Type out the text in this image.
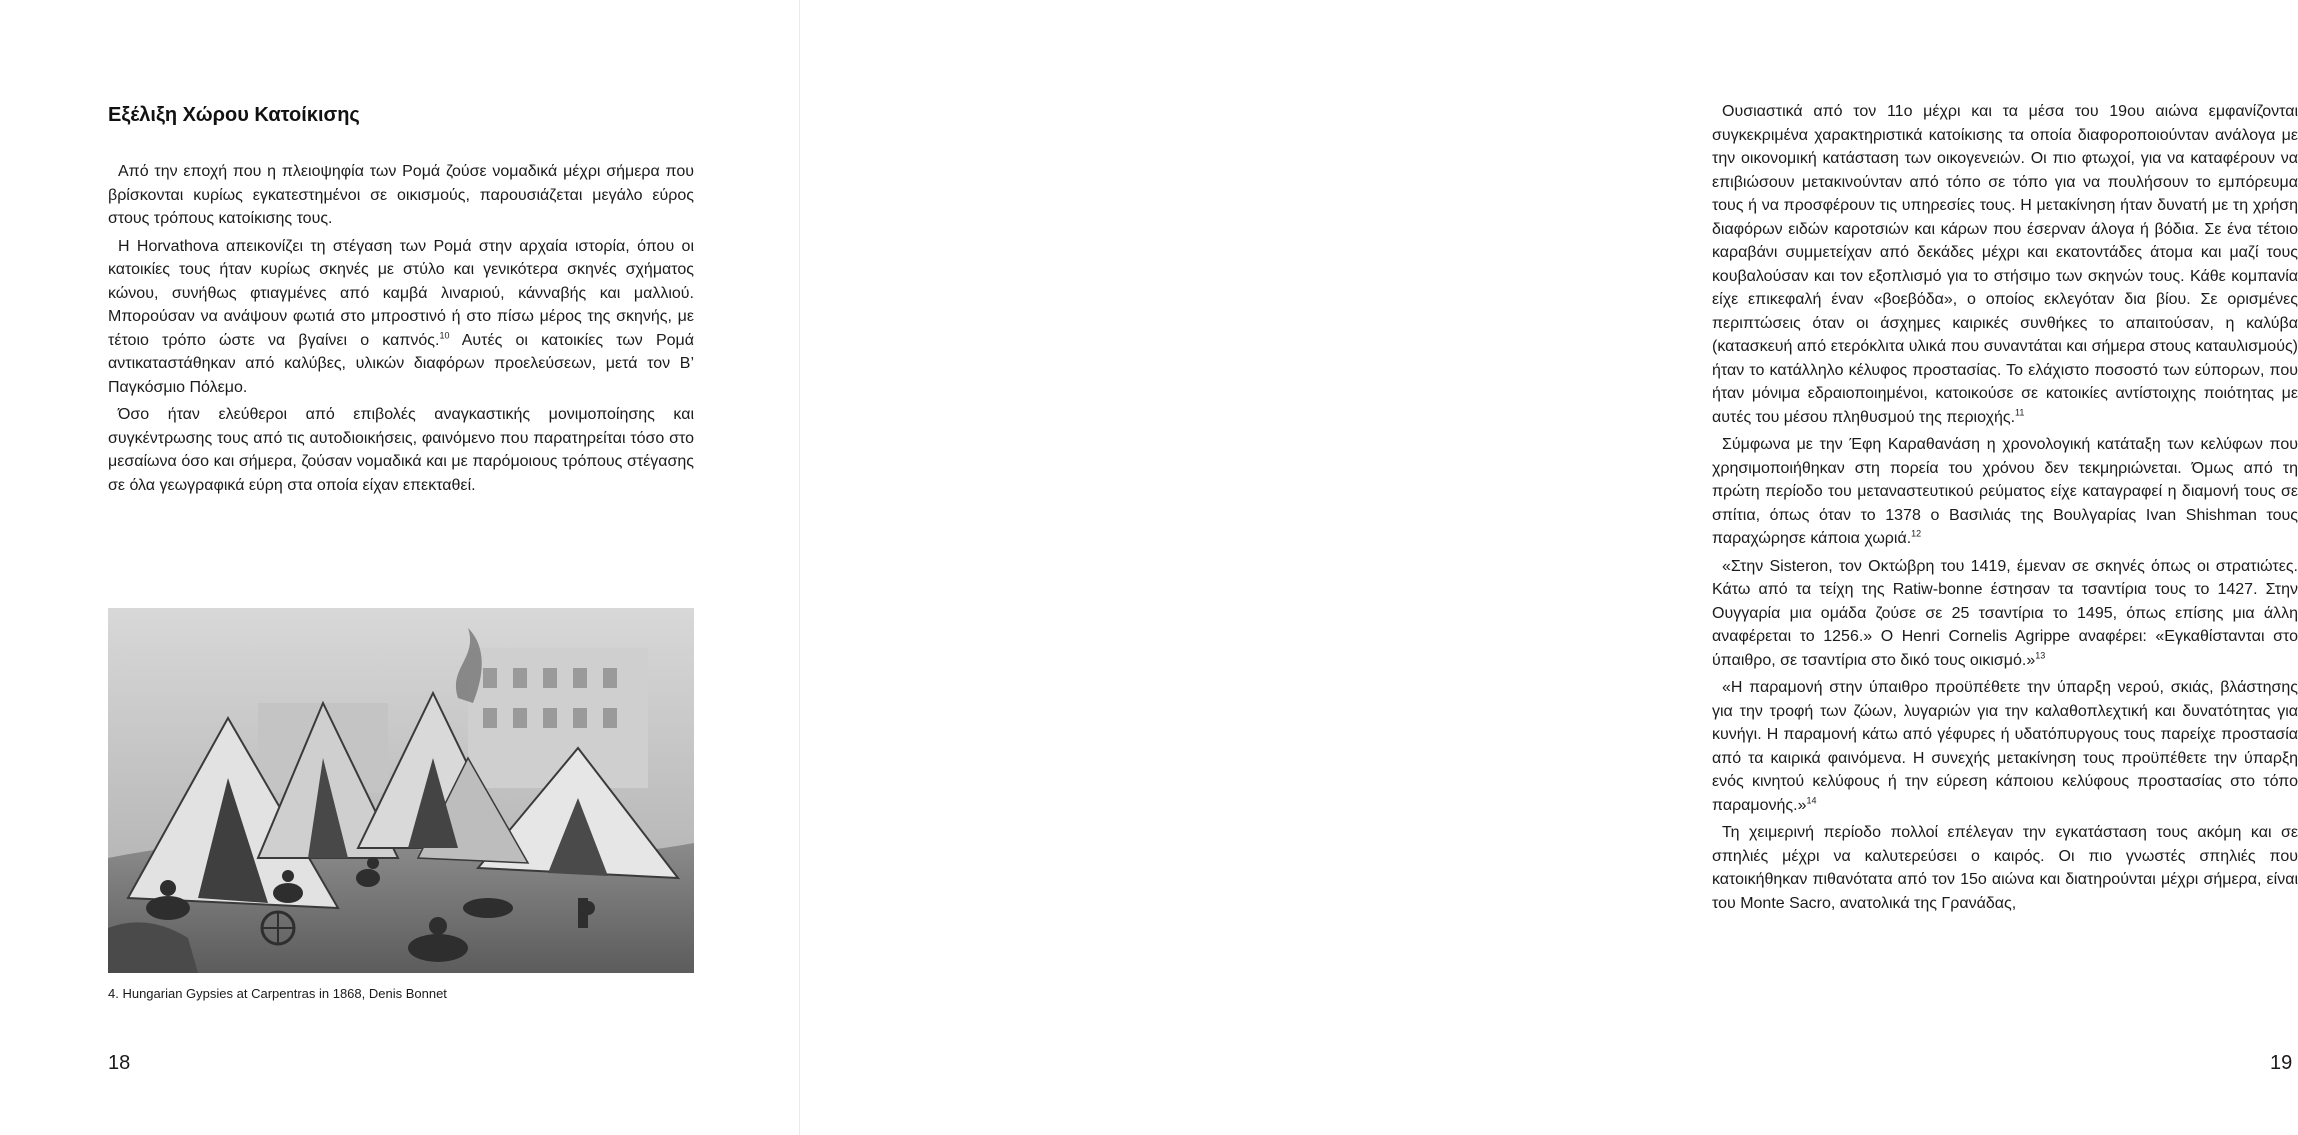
Εξέλιξη Χώρου Κατοίκισης

Από την εποχή που η πλειοψηφία των Ρομά ζούσε νομαδικά μέχρι σήμερα που βρίσκονται κυρίως εγκατεστημένοι σε οικισμούς, παρουσιάζεται μεγάλο εύρος στους τρόπους κατοίκισης τους.

Η Horvathova απεικονίζει τη στέγαση των Ρομά στην αρχαία ιστορία, όπου οι κατοικίες τους ήταν κυρίως σκηνές με στύλο και γενικότερα σκηνές σχήματος κώνου, συνήθως φτιαγμένες από καμβά λιναριού, κάνναβής και μαλλιού. Μπορούσαν να ανάψουν φωτιά στο μπροστινό ή στο πίσω μέρος της σκηνής, με τέτοιο τρόπο ώστε να βγαίνει ο καπνός.$^{10}$ Αυτές οι κατοικίες των Ρομά αντικαταστάθηκαν από καλύβες, υλικών διαφόρων προελεύσεων, μετά τον Β’ Παγκόσμιο Πόλεμο.

Όσο ήταν ελεύθεροι από επιβολές αναγκαστικής μονιμοποίησης και συγκέντρωσης τους από τις αυτοδιοικήσεις, φαινόμενο που παρατηρείται τόσο στο μεσαίωνα όσο και σήμερα, ζούσαν νομαδικά και με παρόμοιους τρόπους στέγασης σε όλα γεωγραφικά εύρη στα οποία είχαν επεκταθεί.

4. Hungarian Gypsies at Carpentras in 1868, Denis Bonnet
18

Ουσιαστικά από τον 11ο μέχρι και τα μέσα του 19ου αιώνα εμφανίζονται συγκεκριμένα χαρακτηριστικά κατοίκισης τα οποία διαφοροποιούνταν ανάλογα με την οικονομική κατάσταση των οικογενειών. Οι πιο φτωχοί, για να καταφέρουν να επιβιώσουν μετακινούνταν από τόπο σε τόπο για να πουλήσουν το εμπόρευμα τους ή να προσφέρουν τις υπηρεσίες τους. Η μετακίνηση ήταν δυνατή με τη χρήση διαφόρων ειδών καροτσιών και κάρων που έσερναν άλογα ή βόδια. Σε ένα τέτοιο καραβάνι συμμετείχαν από δεκάδες μέχρι και εκατοντάδες άτομα και μαζί τους κουβαλούσαν και τον εξοπλισμό για το στήσιμο των σκηνών τους. Κάθε κομπανία είχε επικεφαλή έναν «βοεβόδα», ο οποίος εκλεγόταν δια βίου. Σε ορισμένες περιπτώσεις όταν οι άσχημες καιρικές συνθήκες το απαιτούσαν, η καλύβα (κατασκευή από ετερόκλιτα υλικά που συναντάται και σήμερα στους καταυλισμούς) ήταν το κατάλληλο κέλυφος προστασίας. Το ελάχιστο ποσοστό των εύπορων, που ήταν μόνιμα εδραιοποιημένοι, κατοικούσε σε κατοικίες αντίστοιχης ποιότητας με αυτές του μέσου πληθυσμού της περιοχής.$^{11}$

Σύμφωνα με την Έφη Καραθανάση η χρονολογική κατάταξη των κελύφων που χρησιμοποιήθηκαν στη πορεία του χρόνου δεν τεκμηριώνεται. Όμως από τη πρώτη περίοδο του μεταναστευτικού ρεύματος είχε καταγραφεί η διαμονή τους σε σπίτια, όπως όταν το 1378 ο Βασιλιάς της Βουλγαρίας Ivan Shishman τους παραχώρησε κάποια χωριά.$^{12}$

«Στην Sisteron, τον Οκτώβρη του 1419, έμεναν σε σκηνές όπως οι στρατιώτες. Κάτω από τα τείχη της Ratiw-bonne έστησαν τα τσαντίρια τους το 1427. Στην Ουγγαρία μια ομάδα ζούσε σε 25 τσαντίρια το 1495, όπως επίσης μια άλλη αναφέρεται το 1256.» Ο Henri Cornelis Agrippe αναφέρει: «Εγκαθίστανται στο ύπαιθρο, σε τσαντίρια στο δικό τους οικισμό.»$^{13}$

«Η παραμονή στην ύπαιθρο προϋπέθετε την ύπαρξη νερού, σκιάς, βλάστησης για την τροφή των ζώων, λυγαριών για την καλαθοπλεχτική και δυνατότητας για κυνήγι. Η παραμονή κάτω από γέφυρες ή υδατόπυργους τους παρείχε προστασία από τα καιρικά φαινόμενα. Η συνεχής μετακίνηση τους προϋπέθετε την ύπαρξη ενός κινητού κελύφους ή την εύρεση κάποιου κελύφους προστασίας στο τόπο παραμονής.»$^{14}$

Τη χειμερινή περίοδο πολλοί επέλεγαν την εγκατάσταση τους ακόμη και σε σπηλιές μέχρι να καλυτερεύσει ο καιρός. Οι πιο γνωστές σπηλιές που κατοικήθηκαν πιθανότατα από τον 15ο αιώνα και διατηρούνται μέχρι σήμερα, είναι του Monte Sacro, ανατολικά της Γρανάδας,

19
